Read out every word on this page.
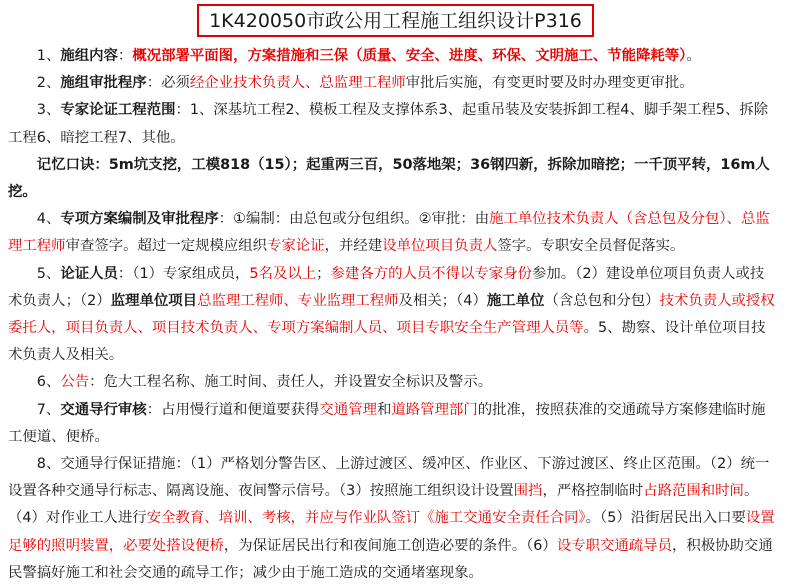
1K420050市政公用工程施工组织设计P316

1、施组内容：概况部署平面图，方案措施和三保（质量、安全、进度、环保、文明施工、节能降耗等）。

2、施组审批程序：必须经企业技术负责人、总监理工程师审批后实施，有变更时要及时办理变更审批。

3、专家论证工程范围：1、深基坑工程2、模板工程及支撑体系3、起重吊装及安装拆卸工程4、脚手架工程5、拆除工程6、暗挖工程7、其他。

记忆口诀：5m坑支挖，工模818（15）；起重两三百，50落地架；36钢四新，拆除加暗挖；一千顶平转，16m人挖。

4、专项方案编制及审批程序：①编制：由总包或分包组织。②审批：由施工单位技术负责人（含总包及分包）、总监理工程师审查签字。超过一定规模应组织专家论证，并经建设单位项目负责人签字。专职安全员督促落实。

5、论证人员：（1）专家组成员，5名及以上；参建各方的人员不得以专家身份参加。（2）建设单位项目负责人或技术负责人；（2）监理单位项目总监理工程师、专业监理工程师及相关；（4）施工单位（含总包和分包）技术负责人或授权委托人，项目负责人、项目技术负责人、专项方案编制人员、项目专职安全生产管理人员等。5、勘察、设计单位项目技术负责人及相关。

6、公告：危大工程名称、施工时间、责任人，并设置安全标识及警示。

7、交通导行审核：占用慢行道和便道要获得交通管理和道路管理部门的批准，按照获准的交通疏导方案修建临时施工便道、便桥。

8、交通导行保证措施：（1）严格划分警告区、上游过渡区、缓冲区、作业区、下游过渡区、终止区范围。（2）统一设置各种交通导行标志、隔离设施、夜间警示信号。（3）按照施工组织设计设置围挡，严格控制临时占路范围和时间。（4）对作业工人进行安全教育、培训、考核，并应与作业队签订《施工交通安全责任合同》。（5）沿街居民出入口要设置足够的照明装置，必要处搭设便桥，为保证居民出行和夜间施工创造必要的条件。（6）设专职交通疏导员，积极协助交通民警搞好施工和社会交通的疏导工作；减少由于施工造成的交通堵塞现象。
